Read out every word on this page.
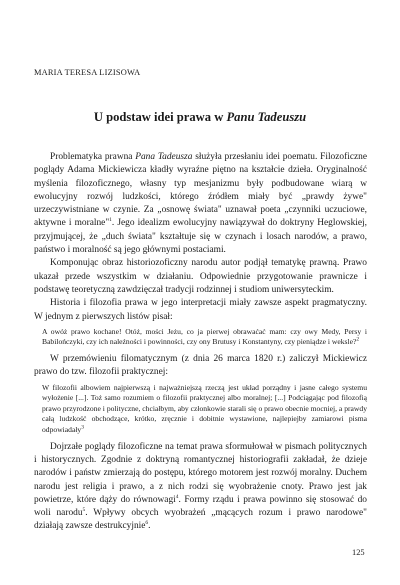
MARIA TERESA LIZISOWA
U podstaw idei prawa w Panu Tadeuszu

Problematyka prawna Pana Tadeusza służyła przesłaniu idei poematu. Filozoficzne poglądy Adama Mickiewicza kładły wyraźne piętno na kształcie dzieła. Oryginalność myślenia filozoficznego, własny typ mesjanizmu były podbudowane wiarą w ewolucyjny rozwój ludzkości, którego źródłem miały być „prawdy żywe" urzeczywistniane w czynie. Za „osnowę świata" uznawał poeta „czynniki uczuciowe, aktywne i moralne"$^1$. Jego idealizm ewolucyjny nawiązywał do doktryny Heglowskiej, przyjmującej, że „duch świata" kształtuje się w czynach i losach narodów, a prawo, państwo i moralność są jego głównymi postaciami.

Komponując obraz historiozoficzny narodu autor podjął tematykę prawną. Prawo ukazał przede wszystkim w działaniu. Odpowiednie przygotowanie prawnicze i podstawę teoretyczną zawdzięczał tradycji rodzinnej i studiom uniwersyteckim.

Historia i filozofia prawa w jego interpretacji miały zawsze aspekt pragmatyczny. W jednym z pierwszych listów pisał:

A owóż prawo kochane! Otóż, mości Jeżu, co ja pierwej obrawaćać mam: czy owy Medy, Persy i Babilończyki, czy ich naleźności i powinności, czy ony Brutusy i Konstantyny, czy pieniądze i weksle?$^2$

W przemówieniu filomatycznym (z dnia 26 marca 1820 r.) zaliczył Mickiewicz prawo do tzw. filozofii praktycznej:

W filozofii albowiem najpierwszą i najważniejszą rzeczą jest układ porządny i jasne całego systemu wyłożenie [...]. Toż samo rozumiem o filozofii praktycznej albo moralnej; [...] Podciągając pod filozofią prawo przyrodzone i polityczne, chciałbym, aby członkowie starali się o prawo obecnie mocniej, a prawdy całą ludzkość obchodzące, krótko, zręcznie i dobitnie wystawione, najlepiejby zamiarowi pisma odpowiadały$^3$

Dojrzałe poglądy filozoficzne na temat prawa sformułował w pismach politycznych i historycznych. Zgodnie z doktryną romantycznej historiografii zakładał, że dzieje narodów i państw zmierzają do postępu, którego motorem jest rozwój moralny. Duchem narodu jest religia i prawo, a z nich rodzi się wyobrażenie cnoty. Prawo jest jak powietrze, które dąży do równowagi$^4$. Formy rządu i prawa powinno się stosować do woli narodu$^5$. Wpływy obcych wyobrażeń „mącących rozum i prawo narodowe" działają zawsze destrukcyjnie$^6$.

125
